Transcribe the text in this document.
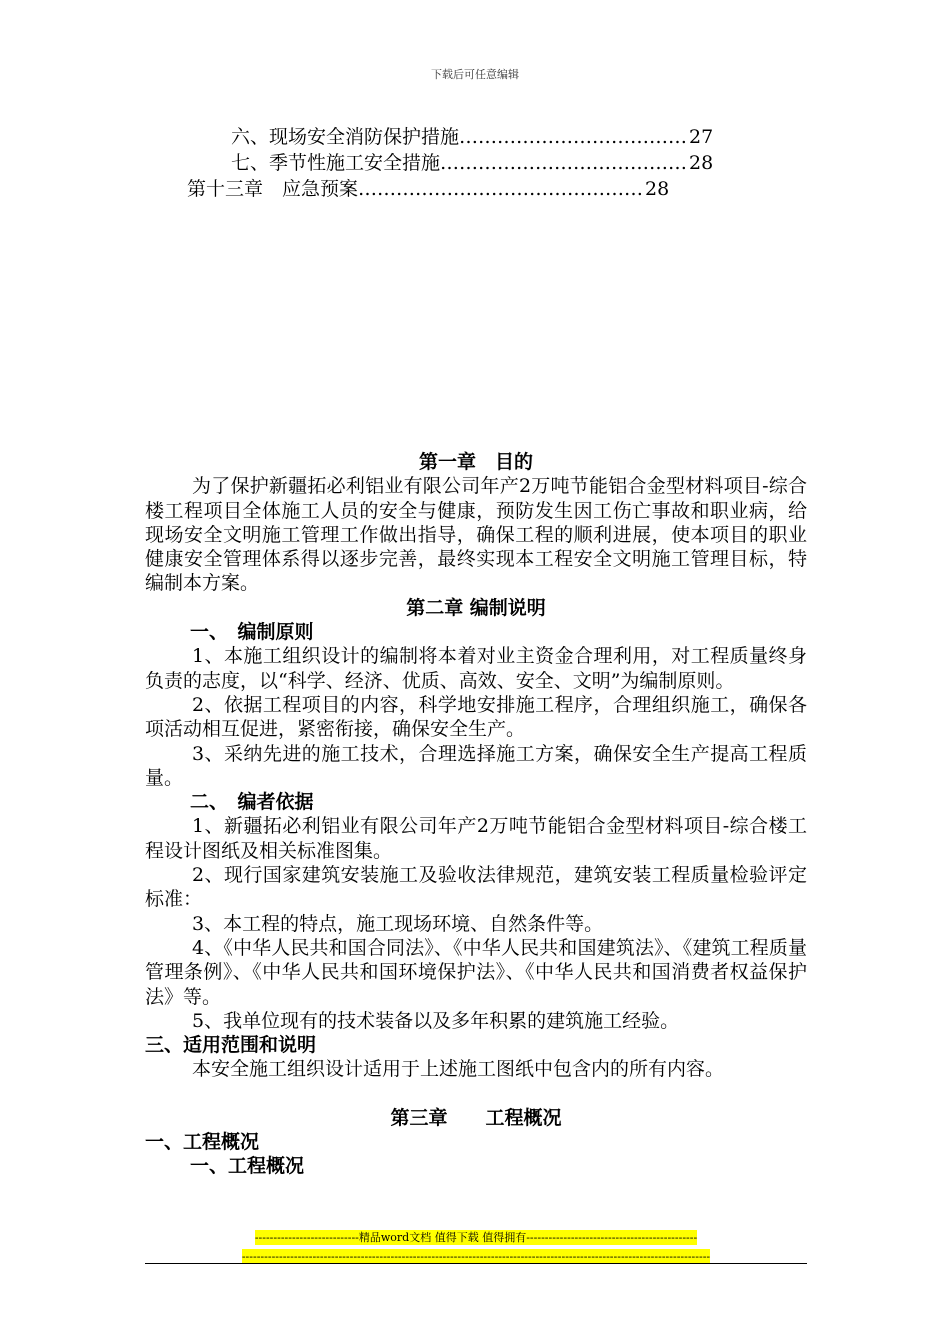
下载后可任意编辑
六、现场安全消防保护措施……………………………… 27
七、季节性施工安全措施………………………………… 28
第十三章　应急预案……………………………………… 28
第一章　目的
为了保护新疆拓必利铝业有限公司年产2万吨节能铝合金型材料项目-综合楼工程项目全体施工人员的安全与健康，预防发生因工伤亡事故和职业病，给现场安全文明施工管理工作做出指导，确保工程的顺利进展，使本项目的职业健康安全管理体系得以逐步完善，最终实现本工程安全文明施工管理目标，特编制本方案。
第二章 编制说明
一、　编制原则
1、本施工组织设计的编制将本着对业主资金合理利用，对工程质量终身负责的志度，以“科学、经济、优质、高效、安全、文明”为编制原则。
2、依据工程项目的内容，科学地安排施工程序，合理组织施工，确保各项活动相互促进，紧密衔接，确保安全生产。
3、采纳先进的施工技术，合理选择施工方案，确保安全生产提高工程质量。
二、　编者依据
1、新疆拓必利铝业有限公司年产2万吨节能铝合金型材料项目-综合楼工程设计图纸及相关标准图集。
2、现行国家建筑安装施工及验收法律规范，建筑安装工程质量检验评定标准：
3、本工程的特点，施工现场环境、自然条件等。
4、《中华人民共和国合同法》、《中华人民共和国建筑法》、《建筑工程质量管理条例》、《中华人民共和国环境保护法》、《中华人民共和国消费者权益保护法》等。
5、我单位现有的技术装备以及多年积累的建筑施工经验。
三、适用范围和说明
本安全施工组织设计适用于上述施工图纸中包含内的所有内容。
第三章　　工程概况
一、工程概况
一、工程概况
----------------------------精品word文档 值得下载 值得拥有----------------------------------------------
------------------------------------------------------------------------------------------------------------------------------
